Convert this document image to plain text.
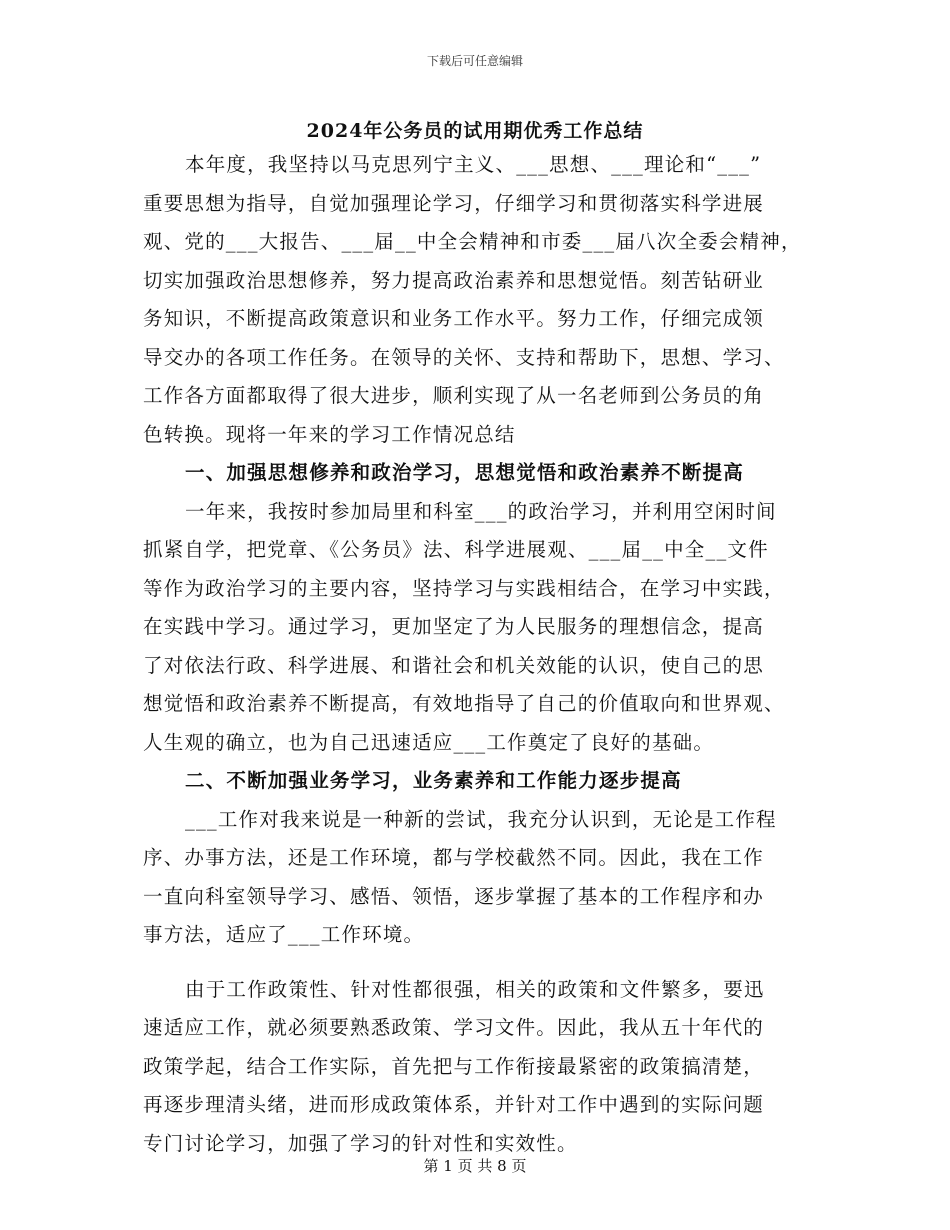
下载后可任意编辑
2024年公务员的试用期优秀工作总结
本年度，我坚持以马克思列宁主义、___思想、___理论和“___”
重要思想为指导，自觉加强理论学习，仔细学习和贯彻落实科学进展
观、党的___大报告、___届__中全会精神和市委___届八次全委会精神，
切实加强政治思想修养，努力提高政治素养和思想觉悟。刻苦钻研业
务知识，不断提高政策意识和业务工作水平。努力工作，仔细完成领
导交办的各项工作任务。在领导的关怀、支持和帮助下，思想、学习、
工作各方面都取得了很大进步，顺利实现了从一名老师到公务员的角
色转换。现将一年来的学习工作情况总结
一、加强思想修养和政治学习，思想觉悟和政治素养不断提高
一年来，我按时参加局里和科室___的政治学习，并利用空闲时间
抓紧自学，把党章、《公务员》法、科学进展观、___届__中全__文件
等作为政治学习的主要内容，坚持学习与实践相结合，在学习中实践，
在实践中学习。通过学习，更加坚定了为人民服务的理想信念，提高
了对依法行政、科学进展、和谐社会和机关效能的认识，使自己的思
想觉悟和政治素养不断提高，有效地指导了自己的价值取向和世界观、
人生观的确立，也为自己迅速适应___工作奠定了良好的基础。
二、不断加强业务学习，业务素养和工作能力逐步提高
___工作对我来说是一种新的尝试，我充分认识到，无论是工作程
序、办事方法，还是工作环境，都与学校截然不同。因此，我在工作
一直向科室领导学习、感悟、领悟，逐步掌握了基本的工作程序和办
事方法，适应了___工作环境。
由于工作政策性、针对性都很强，相关的政策和文件繁多，要迅
速适应工作，就必须要熟悉政策、学习文件。因此，我从五十年代的
政策学起，结合工作实际，首先把与工作衔接最紧密的政策搞清楚，
再逐步理清头绪，进而形成政策体系，并针对工作中遇到的实际问题
专门讨论学习，加强了学习的针对性和实效性。
第 1 页 共 8 页
